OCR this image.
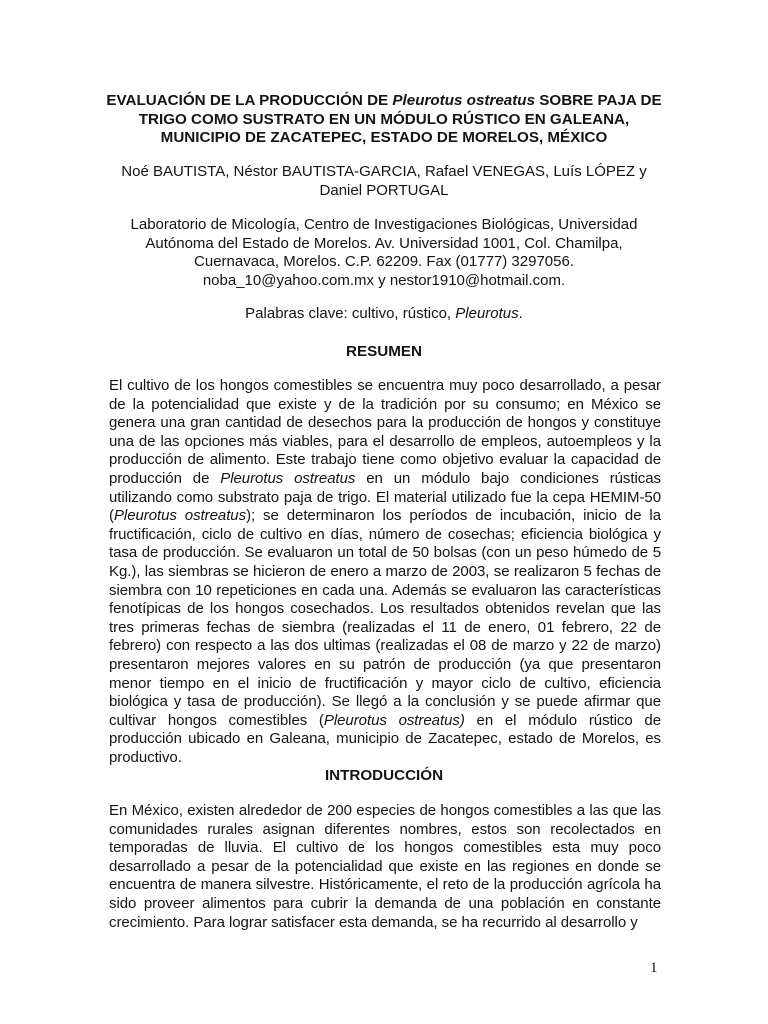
EVALUACIÓN DE LA PRODUCCIÓN DE Pleurotus ostreatus SOBRE PAJA DE TRIGO COMO SUSTRATO EN UN MÓDULO RÚSTICO EN GALEANA, MUNICIPIO DE ZACATEPEC, ESTADO DE MORELOS, MÉXICO
Noé BAUTISTA, Néstor BAUTISTA-GARCIA, Rafael VENEGAS, Luís LÓPEZ y
Daniel PORTUGAL
Laboratorio de Micología, Centro de Investigaciones Biológicas, Universidad
Autónoma del Estado de Morelos. Av. Universidad 1001, Col. Chamilpa,
Cuernavaca, Morelos. C.P. 62209. Fax (01777) 3297056.
noba_10@yahoo.com.mx y nestor1910@hotmail.com.
Palabras clave: cultivo, rústico, Pleurotus.
RESUMEN
El cultivo de los hongos comestibles se encuentra muy poco desarrollado, a pesar de la potencialidad que existe y de la tradición por su consumo; en México se genera una gran cantidad de desechos para la producción de hongos y constituye una de las opciones más viables, para el desarrollo de empleos, autoempleos y la producción de alimento. Este trabajo tiene como objetivo evaluar la capacidad de producción de Pleurotus ostreatus en un módulo bajo condiciones rústicas utilizando como substrato paja de trigo. El material utilizado fue la cepa HEMIM-50 (Pleurotus ostreatus); se determinaron los períodos de incubación, inicio de la fructificación, ciclo de cultivo en días, número de cosechas; eficiencia biológica y tasa de producción. Se evaluaron un total de 50 bolsas (con un peso húmedo de 5 Kg.), las siembras se hicieron de enero a marzo de 2003, se realizaron 5 fechas de siembra con 10 repeticiones en cada una. Además se evaluaron las características fenotípicas de los hongos cosechados. Los resultados obtenidos revelan que las tres primeras fechas de siembra (realizadas el 11 de enero, 01 febrero, 22 de febrero) con respecto a las dos ultimas (realizadas el 08 de marzo y 22 de marzo) presentaron mejores valores en su patrón de producción (ya que presentaron menor tiempo en el inicio de fructificación y mayor ciclo de cultivo, eficiencia biológica y tasa de producción). Se llegó a la conclusión y se puede afirmar que cultivar hongos comestibles (Pleurotus ostreatus) en el módulo rústico de producción ubicado en Galeana, municipio de Zacatepec, estado de Morelos, es productivo.
INTRODUCCIÓN
En México, existen alrededor de 200 especies de hongos comestibles a las que las comunidades rurales asignan diferentes nombres, estos son recolectados en temporadas de lluvia. El cultivo de los hongos comestibles esta muy poco desarrollado a pesar de la potencialidad que existe en las regiones en donde se encuentra de manera silvestre. Históricamente, el reto de la producción agrícola ha sido proveer alimentos para cubrir la demanda de una población en constante crecimiento. Para lograr satisfacer esta demanda, se ha recurrido al desarrollo y
1
